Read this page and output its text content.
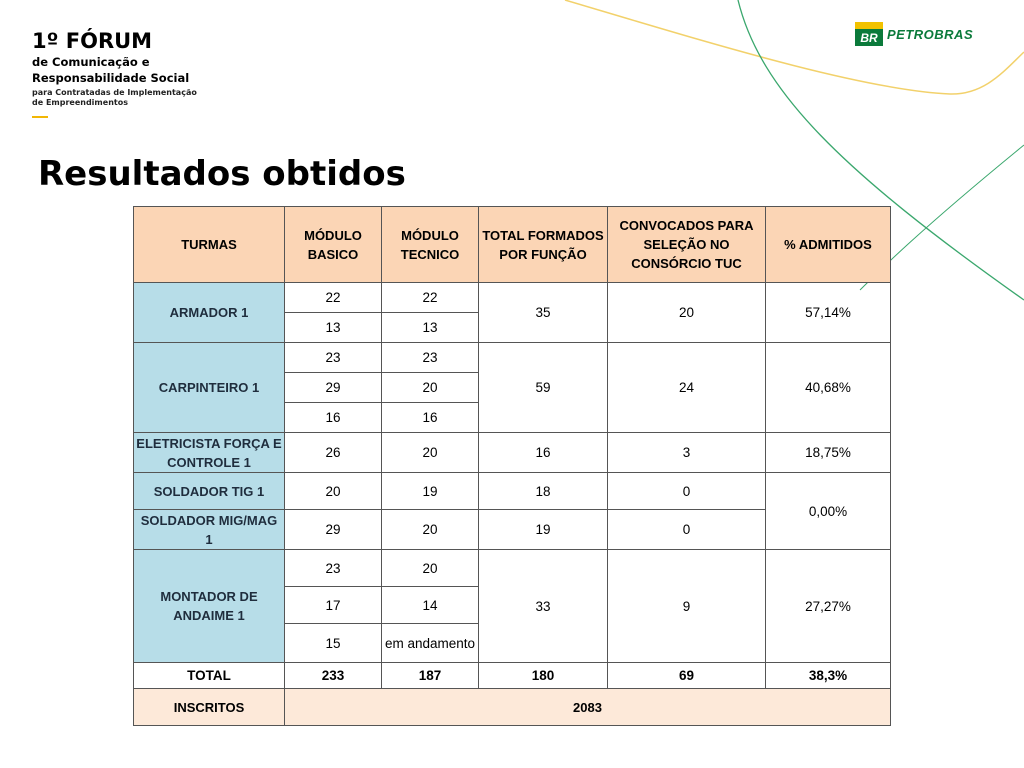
1º FÓRUM
de Comunicação e
Responsabilidade Social
para Contratadas de Implementação
de Empreendimentos
BR PETROBRAS
Resultados obtidos
TURMAS	MÓDULO BASICO	MÓDULO TECNICO	TOTAL FORMADOS POR FUNÇÃO	CONVOCADOS PARA SELEÇÃO NO CONSÓRCIO TUC	% ADMITIDOS
ARMADOR 1	22	22	35	20	57,14%
	13	13			
CARPINTEIRO 1	23	23	59	24	40,68%
	29	20			
	16	16			
ELETRICISTA FORÇA E CONTROLE 1	26	20	16	3	18,75%
SOLDADOR TIG 1	20	19	18	0	0,00%
SOLDADOR MIG/MAG 1	29	20	19	0	
MONTADOR DE ANDAIME 1	23	20	33	9	27,27%
	17	14			
	15	em andamento			
TOTAL	233	187	180	69	38,3%
INSCRITOS	2083				
